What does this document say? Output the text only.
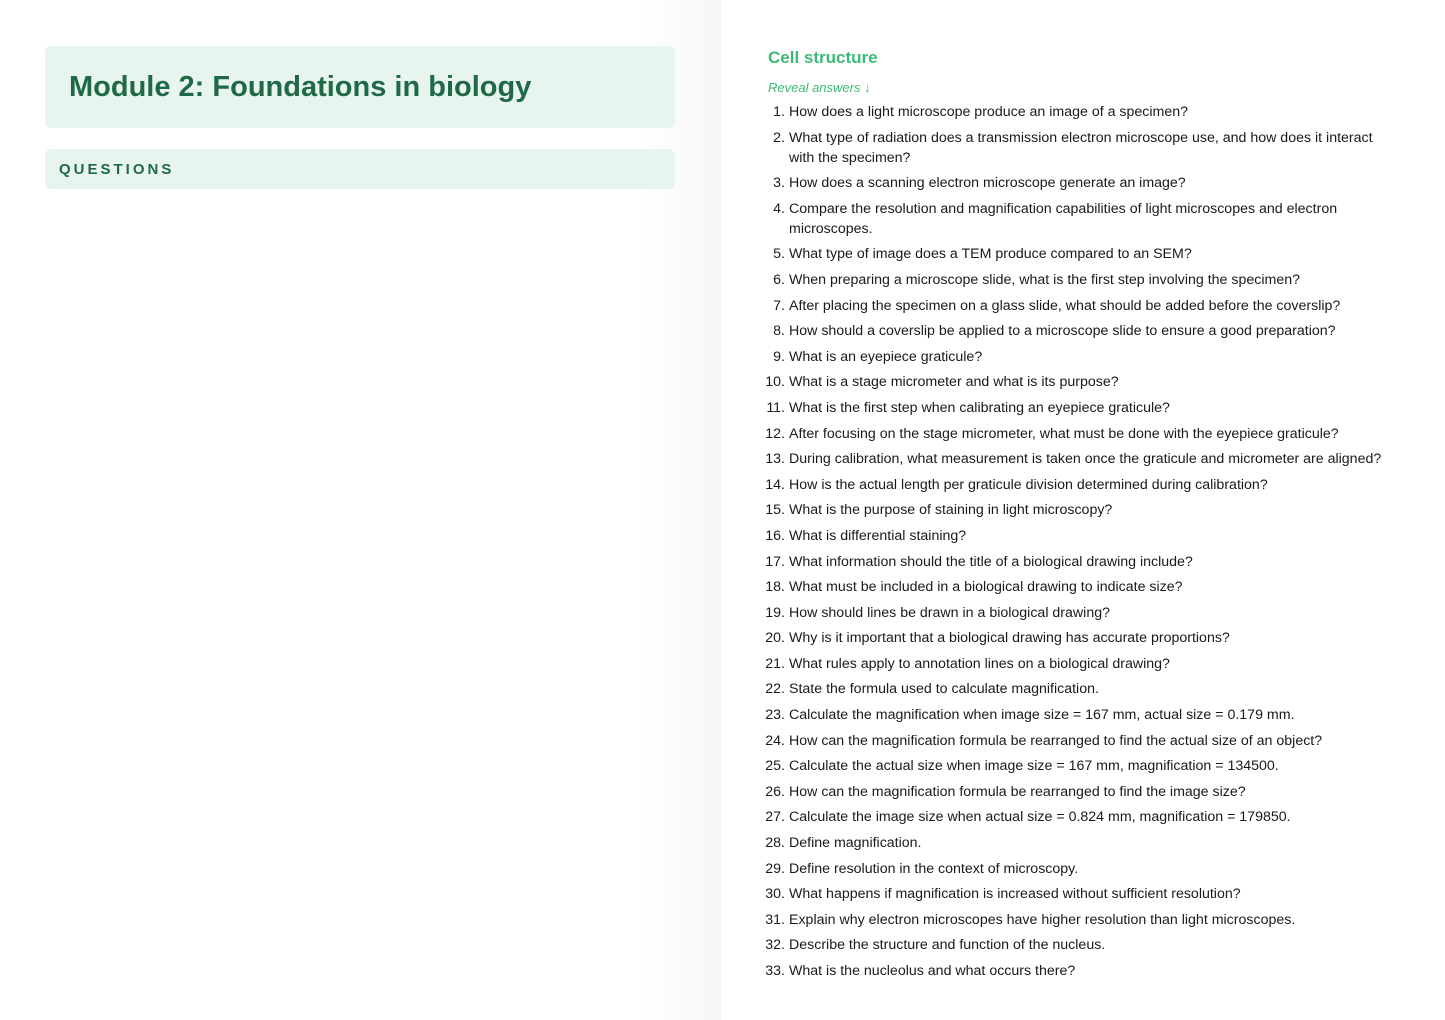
Module 2: Foundations in biology
QUESTIONS
Cell structure
Reveal answers ↓
1. How does a light microscope produce an image of a specimen?
2. What type of radiation does a transmission electron microscope use, and how does it interact with the specimen?
3. How does a scanning electron microscope generate an image?
4. Compare the resolution and magnification capabilities of light microscopes and electron microscopes.
5. What type of image does a TEM produce compared to an SEM?
6. When preparing a microscope slide, what is the first step involving the specimen?
7. After placing the specimen on a glass slide, what should be added before the coverslip?
8. How should a coverslip be applied to a microscope slide to ensure a good preparation?
9. What is an eyepiece graticule?
10. What is a stage micrometer and what is its purpose?
11. What is the first step when calibrating an eyepiece graticule?
12. After focusing on the stage micrometer, what must be done with the eyepiece graticule?
13. During calibration, what measurement is taken once the graticule and micrometer are aligned?
14. How is the actual length per graticule division determined during calibration?
15. What is the purpose of staining in light microscopy?
16. What is differential staining?
17. What information should the title of a biological drawing include?
18. What must be included in a biological drawing to indicate size?
19. How should lines be drawn in a biological drawing?
20. Why is it important that a biological drawing has accurate proportions?
21. What rules apply to annotation lines on a biological drawing?
22. State the formula used to calculate magnification.
23. Calculate the magnification when image size = 167 mm, actual size = 0.179 mm.
24. How can the magnification formula be rearranged to find the actual size of an object?
25. Calculate the actual size when image size = 167 mm, magnification = 134500.
26. How can the magnification formula be rearranged to find the image size?
27. Calculate the image size when actual size = 0.824 mm, magnification = 179850.
28. Define magnification.
29. Define resolution in the context of microscopy.
30. What happens if magnification is increased without sufficient resolution?
31. Explain why electron microscopes have higher resolution than light microscopes.
32. Describe the structure and function of the nucleus.
33. What is the nucleolus and what occurs there?
